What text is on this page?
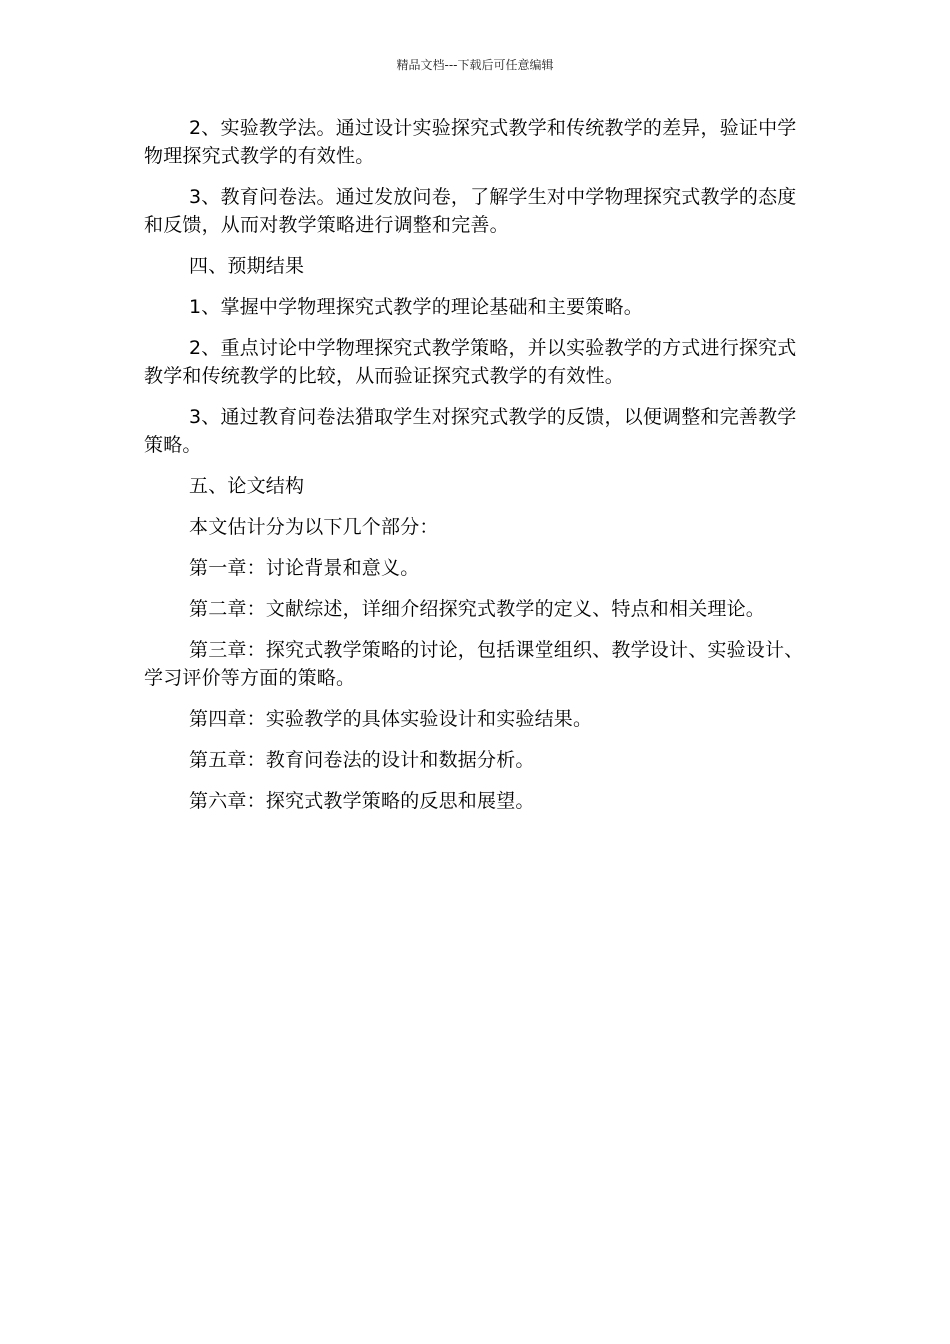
精品文档---下载后可任意编辑

2、实验教学法。通过设计实验探究式教学和传统教学的差异，验证中学物理探究式教学的有效性。

3、教育问卷法。通过发放问卷，了解学生对中学物理探究式教学的态度和反馈，从而对教学策略进行调整和完善。

四、预期结果

1、掌握中学物理探究式教学的理论基础和主要策略。

2、重点讨论中学物理探究式教学策略，并以实验教学的方式进行探究式教学和传统教学的比较，从而验证探究式教学的有效性。

3、通过教育问卷法猎取学生对探究式教学的反馈，以便调整和完善教学策略。

五、论文结构

本文估计分为以下几个部分：

第一章：讨论背景和意义。

第二章：文献综述，详细介绍探究式教学的定义、特点和相关理论。

第三章：探究式教学策略的讨论，包括课堂组织、教学设计、实验设计、学习评价等方面的策略。

第四章：实验教学的具体实验设计和实验结果。

第五章：教育问卷法的设计和数据分析。

第六章：探究式教学策略的反思和展望。
